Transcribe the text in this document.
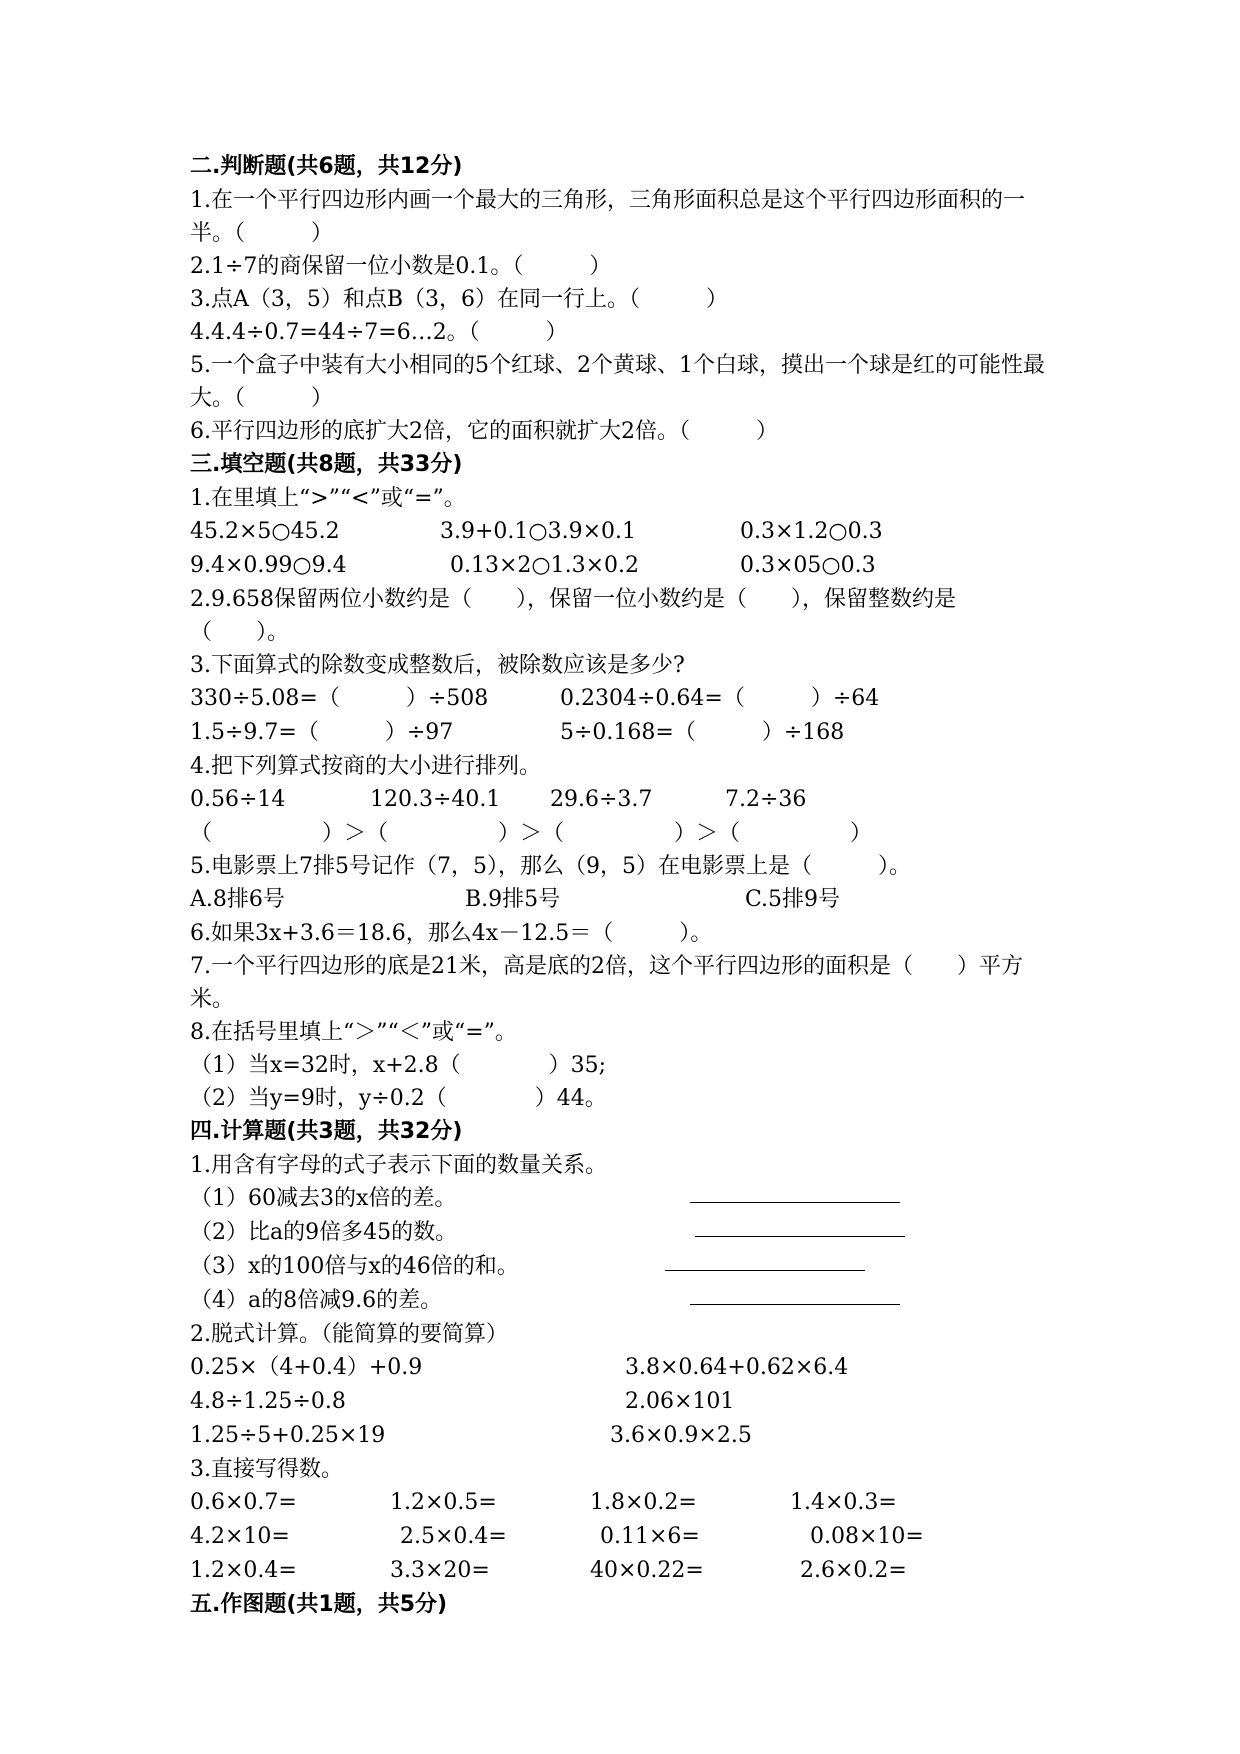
二.判断题(共6题，共12分)
1.在一个平行四边形内画一个最大的三角形，三角形面积总是这个平行四边形面积的一半。（　　　）
2.1÷7的商保留一位小数是0.1。（　　　）
3.点A（3，5）和点B（3，6）在同一行上。（　　　）
4.4.4÷0.7=44÷7=6…2。（　　　）
5.一个盒子中装有大小相同的5个红球、2个黄球、1个白球，摸出一个球是红的可能性最大。（　　　）
6.平行四边形的底扩大2倍，它的面积就扩大2倍。（　　　）
三.填空题(共8题，共33分)
1.在里填上“>”“<”或“=”。
45.2×5○45.2	3.9+0.1○3.9×0.1	0.3×1.2○0.3
9.4×0.99○9.4	0.13×2○1.3×0.2	0.3×05○0.3
2.9.658保留两位小数约是（　　），保留一位小数约是（　　），保留整数约是（　　）。
3.下面算式的除数变成整数后，被除数应该是多少?
330÷5.08=（　　　）÷508	0.2304÷0.64=（　　　）÷64
1.5÷9.7=（　　　）÷97	5÷0.168=（　　　）÷168
4.把下列算式按商的大小进行排列。
0.56÷14	120.3÷40.1	29.6÷3.7	7.2÷36
（　　　　　）＞（　　　　　）＞（　　　　　）＞（　　　　　）
5.电影票上7排5号记作（7，5），那么（9，5）在电影票上是（　　　）。
A.8排6号	B.9排5号	C.5排9号
6.如果3x+3.6＝18.6，那么4x－12.5＝（　　　）。
7.一个平行四边形的底是21米，高是底的2倍，这个平行四边形的面积是（　　）平方米。
8.在括号里填上“＞”“＜”或“=”。
（1）当x=32时，x+2.8（　　　　）35;
（2）当y=9时，y÷0.2（　　　　）44。
四.计算题(共3题，共32分)
1.用含有字母的式子表示下面的数量关系。
（1）60减去3的x倍的差。
（2）比a的9倍多45的数。
（3）x的100倍与x的46倍的和。
（4）a的8倍减9.6的差。
2.脱式计算。（能简算的要简算）
0.25×（4+0.4）+0.9	3.8×0.64+0.62×6.4
4.8÷1.25÷0.8	2.06×101
1.25÷5+0.25×19	3.6×0.9×2.5
3.直接写得数。
0.6×0.7=	1.2×0.5=	1.8×0.2=	1.4×0.3=
4.2×10=	2.5×0.4=	0.11×6=	0.08×10=
1.2×0.4=	3.3×20=	40×0.22=	2.6×0.2=
五.作图题(共1题，共5分)
